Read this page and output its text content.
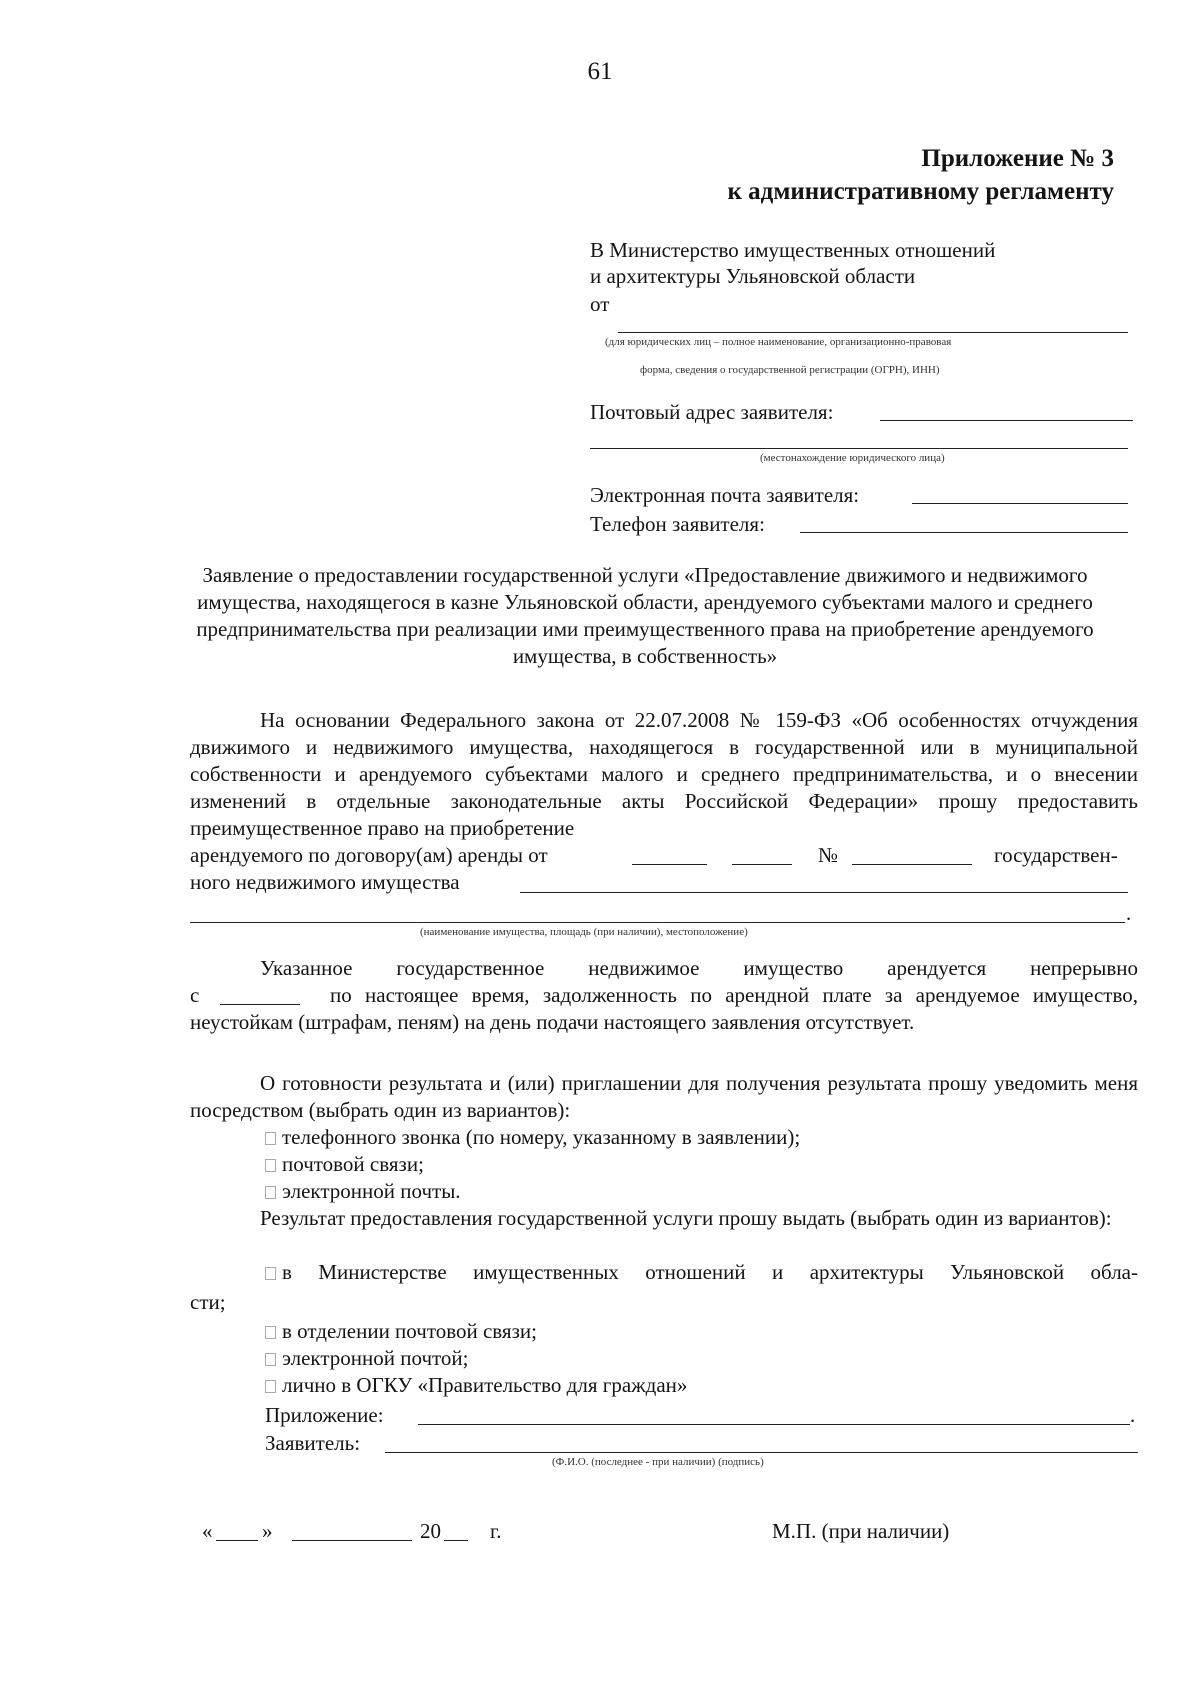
61
Приложение № 3
к административному регламенту
В Министерство имущественных отношений
и архитектуры Ульяновской области
от
(для юридических лиц – полное наименование, организационно-правовая
форма, сведения о государственной регистрации (ОГРН), ИНН)
Почтовый адрес заявителя:
(местонахождение юридического лица)
Электронная почта заявителя:
Телефон заявителя:
Заявление о предоставлении государственной услуги «Предоставление движимого и недвижимого имущества, находящегося в казне Ульяновской области, арендуемого субъектами малого и среднего предпринимательства при реализации ими преимущественного права на приобретение арендуемого имущества, в собственность»
На основании Федерального закона от 22.07.2008 № 159-ФЗ «Об особенностях отчуждения движимого и недвижимого имущества, находящегося в государственной или в муниципальной собственности и арендуемого субъектами малого и среднего предпринимательства, и о внесении изменений в отдельные законодательные акты Российской Федерации» прошу предоставить преимущественное право на приобретение
арендуемого по договору(ам) аренды от	№	государствен-
ного недвижимого имущества
.
(наименование имущества, площадь (при наличии), местоположение)
Указанное государственное недвижимое имущество арендуется непрерывно
с	по настоящее время, задолженность по арендной плате за арендуемое имущество, неустойкам (штрафам, пеням) на день подачи настоящего заявления отсутствует.
О готовности результата и (или) приглашении для получения результата прошу уведомить меня посредством (выбрать один из вариантов):
телефонного звонка (по номеру, указанному в заявлении);
почтовой связи;
электронной почты.
Результат предоставления государственной услуги прошу выдать (выбрать один из вариантов):
в Министерстве имущественных отношений и архитектуры Ульяновской обла-
сти;
в отделении почтовой связи;
электронной почтой;
лично в ОГКУ «Правительство для граждан»
Приложение:	.
Заявитель:
(Ф.И.О. (последнее - при наличии) (подпись)
« »	20 г.	М.П. (при наличии)
